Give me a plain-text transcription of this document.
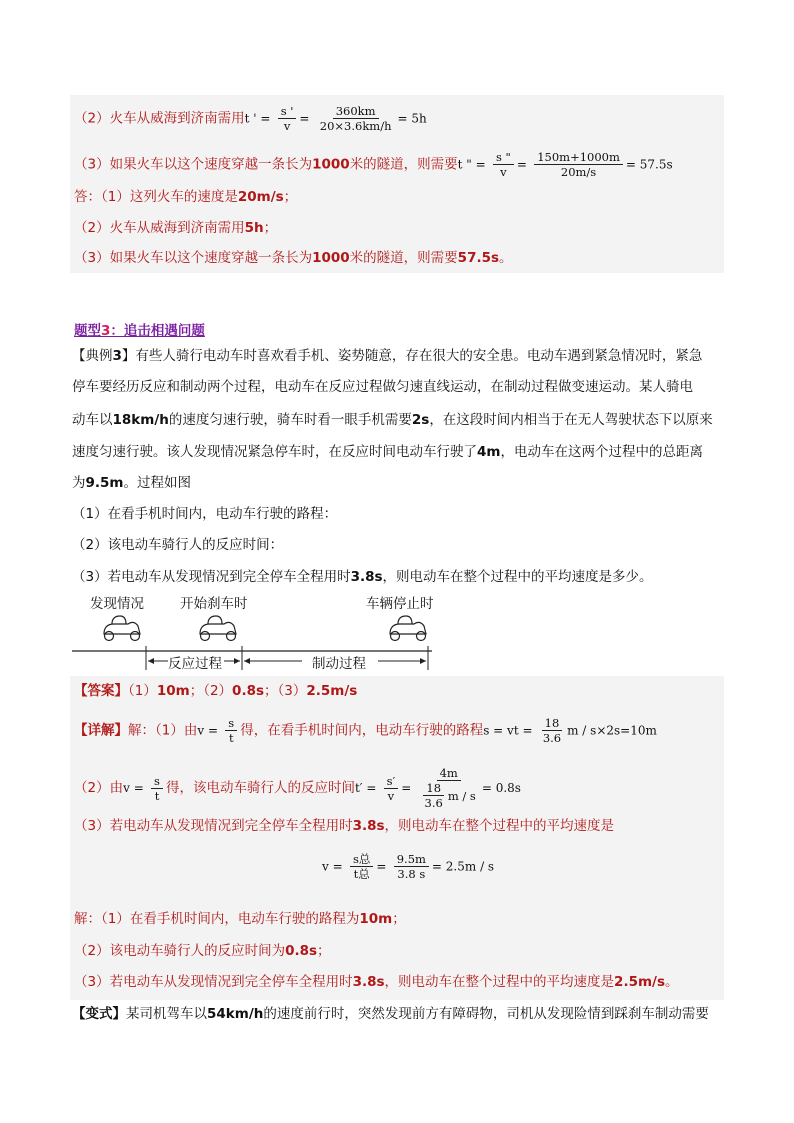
（2）火车从威海到济南需用t ' = $\frac{s '}{v} = \frac{360km}{20\times 3.6km/h} = 5h$
（3）如果火车以这个速度穿越一条长为1000米的隧道，则需要t " = $\frac{s "}{v} = \frac{150m+1000m}{20m/s} = 57.5s$
答：（1）这列火车的速度是20m/s；
（2）火车从威海到济南需用5h；
（3）如果火车以这个速度穿越一条长为1000米的隧道，则需要57.5s。
题型3：追击相遇问题
【典例3】有些人骑行电动车时喜欢看手机、姿势随意，存在很大的安全患。电动车遇到紧急情况时，紧急
停车要经历反应和制动两个过程，电动车在反应过程做匀速直线运动，在制动过程做变速运动。某人骑电
动车以18km/h的速度匀速行驶，骑车时看一眼手机需要2s，在这段时间内相当于在无人驾驶状态下以原来
速度匀速行驶。该人发现情况紧急停车时，在反应时间电动车行驶了4m，电动车在这两个过程中的总距离
为9.5m。过程如图
（1）在看手机时间内，电动车行驶的路程：
（2）该电动车骑行人的反应时间：
（3）若电动车从发现情况到完全停车全程用时3.8s，则电动车在整个过程中的平均速度是多少。
发现情况	开始刹车时	车辆停止时
反应过程	制动过程
【答案】（1）10m；（2）0.8s；（3）2.5m/s
【详解】解：（1）由$v = \frac{s}{t}$ 得，在看手机时间内，电动车行驶的路程s = vt = $\frac{18}{3.6}$ m / s×2s=10m
（2）由$v = \frac{s}{t}$ 得，该电动车骑行人的反应时间$t' = \frac{s'}{v} = \frac{4m}{\frac{18}{3.6} m / s} = 0.8s$
（3）若电动车从发现情况到完全停车全程用时3.8s，则电动车在整个过程中的平均速度是
$v = \frac{\text{s总}}{\text{t总}} = \frac{9.5m}{3.8 s} = 2.5m / s$
解：（1）在看手机时间内，电动车行驶的路程为10m；
（2）该电动车骑行人的反应时间为0.8s；
（3）若电动车从发现情况到完全停车全程用时3.8s，则电动车在整个过程中的平均速度是2.5m/s。
【变式】某司机驾车以54km/h的速度前行时，突然发现前方有障碍物，司机从发现险情到踩刹车制动需要
